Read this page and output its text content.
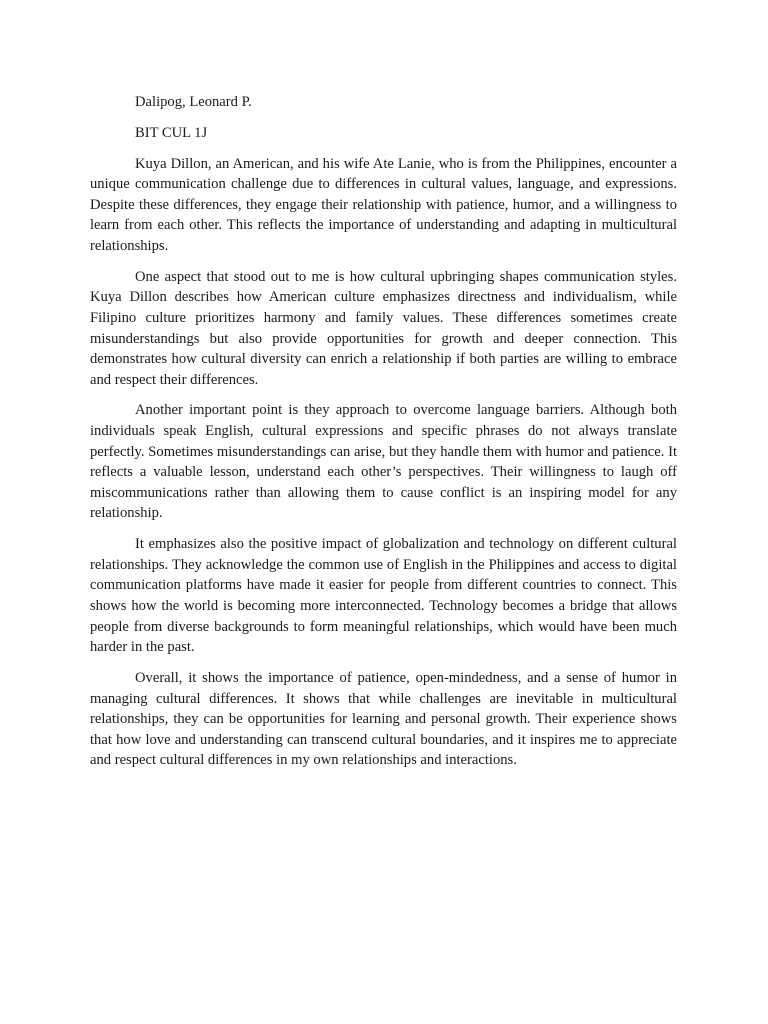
Dalipog, Leonard P.

BIT CUL 1J

Kuya Dillon, an American, and his wife Ate Lanie, who is from the Philippines, encounter a unique communication challenge due to differences in cultural values, language, and expressions. Despite these differences, they engage their relationship with patience, humor, and a willingness to learn from each other. This reflects the importance of understanding and adapting in multicultural relationships.

One aspect that stood out to me is how cultural upbringing shapes communication styles. Kuya Dillon describes how American culture emphasizes directness and individualism, while Filipino culture prioritizes harmony and family values. These differences sometimes create misunderstandings but also provide opportunities for growth and deeper connection. This demonstrates how cultural diversity can enrich a relationship if both parties are willing to embrace and respect their differences.

Another important point is they approach to overcome language barriers. Although both individuals speak English, cultural expressions and specific phrases do not always translate perfectly. Sometimes misunderstandings can arise, but they handle them with humor and patience. It reflects a valuable lesson, understand each other’s perspectives. Their willingness to laugh off miscommunications rather than allowing them to cause conflict is an inspiring model for any relationship.

It emphasizes also the positive impact of globalization and technology on different cultural relationships. They acknowledge the common use of English in the Philippines and access to digital communication platforms have made it easier for people from different countries to connect. This shows how the world is becoming more interconnected. Technology becomes a bridge that allows people from diverse backgrounds to form meaningful relationships, which would have been much harder in the past.

Overall, it shows the importance of patience, open-mindedness, and a sense of humor in managing cultural differences. It shows that while challenges are inevitable in multicultural relationships, they can be opportunities for learning and personal growth. Their experience shows that how love and understanding can transcend cultural boundaries, and it inspires me to appreciate and respect cultural differences in my own relationships and interactions.
